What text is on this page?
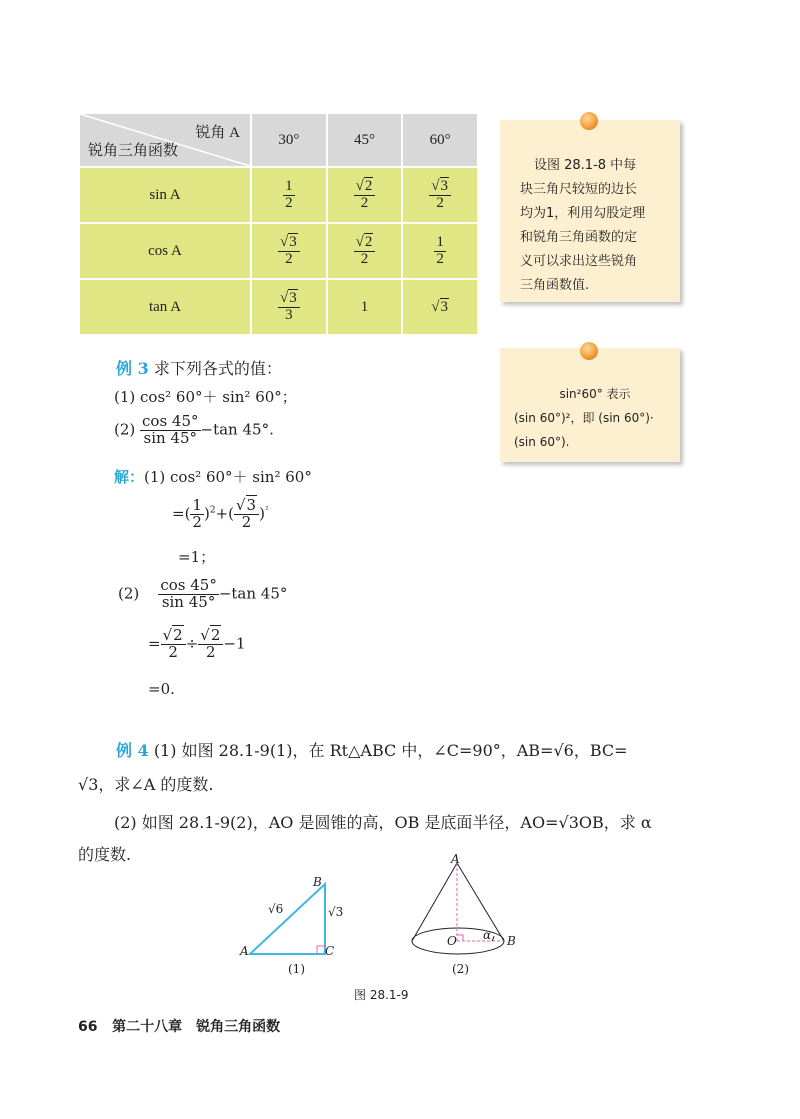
锐角 A
锐角三角函数	30°	45°	60°
sin A	$\frac{1}{2}$	$\frac{√2}{2}$	$\frac{√3}{2}$

cos A	$\frac{√3}{2}$	$\frac{√2}{2}$	$\frac{1}{2}$

tan A	$\frac{√3}{3}$	1	√3
设图 28.1-8 中每
块三角尺较短的边长
均为1，利用勾股定理
和锐角三角函数的定
义可以求出这些锐角
三角函数值.
sin²60° 表示
(sin 60°)²，即 (sin 60°)·
(sin 60°).
例 3 求下列各式的值：
(1) cos² 60°＋ sin² 60°；
$(2) \frac{\cos 45^\circ}{\sin 45^\circ} -\tan$ 45°.
解：(1) cos² 60°＋ sin² 60°
=( $\frac{1}{2} )^2+( \frac{√3}{2} )^{^2}$
=1；
$(2) \frac{\cos 45^\circ}{\sin 45^\circ} -\tan$ 45°
= $\frac{√2}{2} \div \frac{√2}{2} -1$
=0.
例 4 (1) 如图 28.1-9(1)，在 Rt△ABC 中，∠C=90°，AB=√6，BC=
√3，求∠A 的度数.
(2) 如图 28.1-9(2)，AO 是圆锥的高，OB 是底面半径，AO=√3OB，求 α
的度数.
A
B
C
√6	√3
(1)
A
O	B
α
(2)
图 28.1-9
66 第二十八章　锐角三角函数
